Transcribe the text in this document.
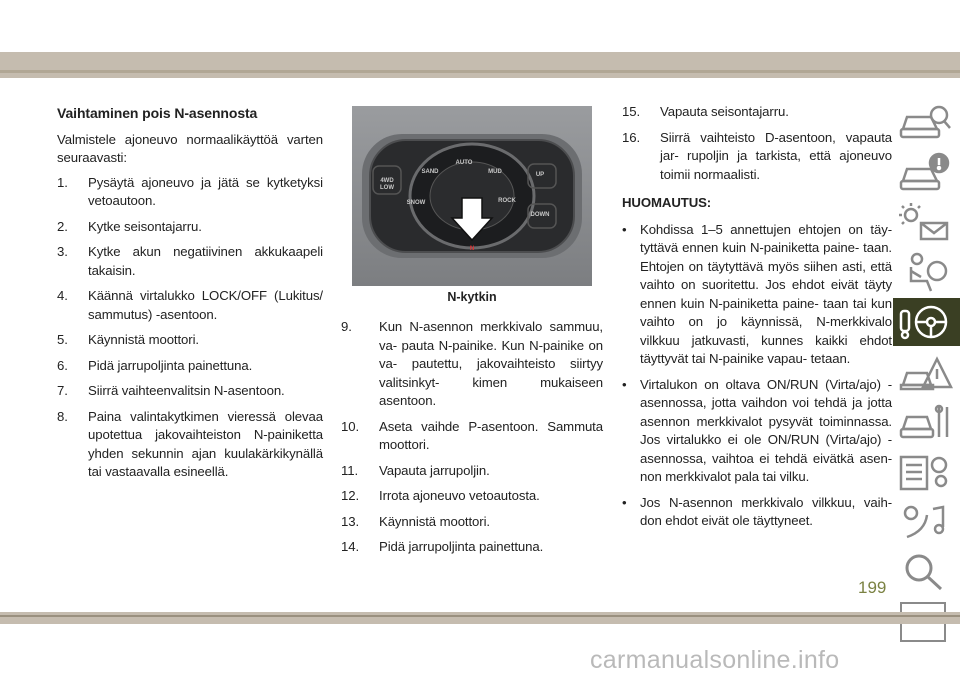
Vaihtaminen pois N-asennosta
Valmistele ajoneuvo normaalikäyttöä varten seuraavasti:
1. Pysäytä ajoneuvo ja jätä se kytketyksi vetoautoon.
2. Kytke seisontajarru.
3. Kytke akun negatiivinen akkukaapeli takaisin.
4. Käännä virtalukko LOCK/OFF (Lukitus/ sammutus) -asentoon.
5. Käynnistä moottori.
6. Pidä jarrupoljinta painettuna.
7. Siirrä vaihteenvalitsin N-asentoon.
8. Paina valintakytkimen vieressä olevaa upotettua jakovaihteiston N-painiketta yhden sekunnin ajan kuulakärkikynällä tai vastaavalla esineellä.
AUTO
SAND	MUD
4WD
LOW
SNOW	ROCK
UP
DOWN
N
N-kytkin
9. Kun N-asennon merkkivalo sammuu, va- pauta N-painike. Kun N-painike on va- pautettu, jakovaihteisto siirtyy valitsinkyt- kimen mukaiseen asentoon.
10. Aseta vaihde P-asentoon. Sammuta moottori.
11. Vapauta jarrupoljin.
12. Irrota ajoneuvo vetoautosta.
13. Käynnistä moottori.
14. Pidä jarrupoljinta painettuna.
15. Vapauta seisontajarru.
16. Siirrä vaihteisto D-asentoon, vapauta jar- rupoljin ja tarkista, että ajoneuvo toimii normaalisti.
HUOMAUTUS:
• Kohdissa 1–5 annettujen ehtojen on täy- tyttävä ennen kuin N-painiketta paine- taan. Ehtojen on täytyttävä myös siihen asti, että vaihto on suoritettu. Jos ehdot eivät täyty ennen kuin N-painiketta paine- taan tai kun vaihto on jo käynnissä, N-merkkivalo vilkkuu jatkuvasti, kunnes kaikki ehdot täyttyvät tai N-painike vapau- tetaan.
• Virtalukon on oltava ON/RUN (Virta/ajo) -asennossa, jotta vaihdon voi tehdä ja jotta asennon merkkivalot pysyvät toiminnassa. Jos virtalukko ei ole ON/RUN (Virta/ajo) -asennossa, vaihtoa ei tehdä eivätkä asen- non merkkivalot pala tai vilku.
• Jos N-asennon merkkivalo vilkkuu, vaih- don ehdot eivät ole täyttyneet.
199
carmanualsonline.info
